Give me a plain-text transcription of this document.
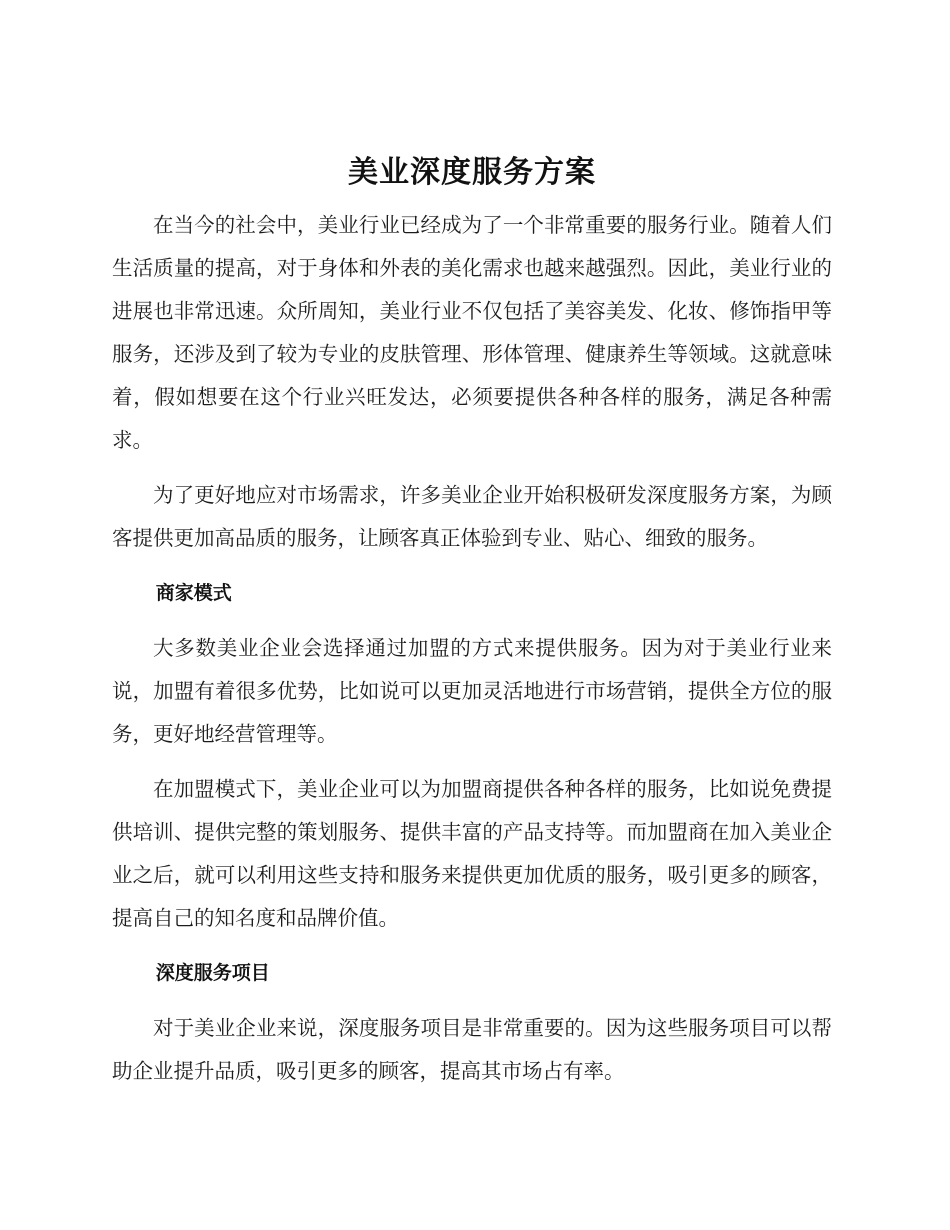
美业深度服务方案

在当今的社会中，美业行业已经成为了一个非常重要的服务行业。随着人们生活质量的提高，对于身体和外表的美化需求也越来越强烈。因此，美业行业的进展也非常迅速。众所周知，美业行业不仅包括了美容美发、化妆、修饰指甲等服务，还涉及到了较为专业的皮肤管理、形体管理、健康养生等领域。这就意味着，假如想要在这个行业兴旺发达，必须要提供各种各样的服务，满足各种需求。

为了更好地应对市场需求，许多美业企业开始积极研发深度服务方案，为顾客提供更加高品质的服务，让顾客真正体验到专业、贴心、细致的服务。

商家模式

大多数美业企业会选择通过加盟的方式来提供服务。因为对于美业行业来说，加盟有着很多优势，比如说可以更加灵活地进行市场营销，提供全方位的服务，更好地经营管理等。

在加盟模式下，美业企业可以为加盟商提供各种各样的服务，比如说免费提供培训、提供完整的策划服务、提供丰富的产品支持等。而加盟商在加入美业企业之后，就可以利用这些支持和服务来提供更加优质的服务，吸引更多的顾客，提高自己的知名度和品牌价值。

深度服务项目

对于美业企业来说，深度服务项目是非常重要的。因为这些服务项目可以帮助企业提升品质，吸引更多的顾客，提高其市场占有率。
